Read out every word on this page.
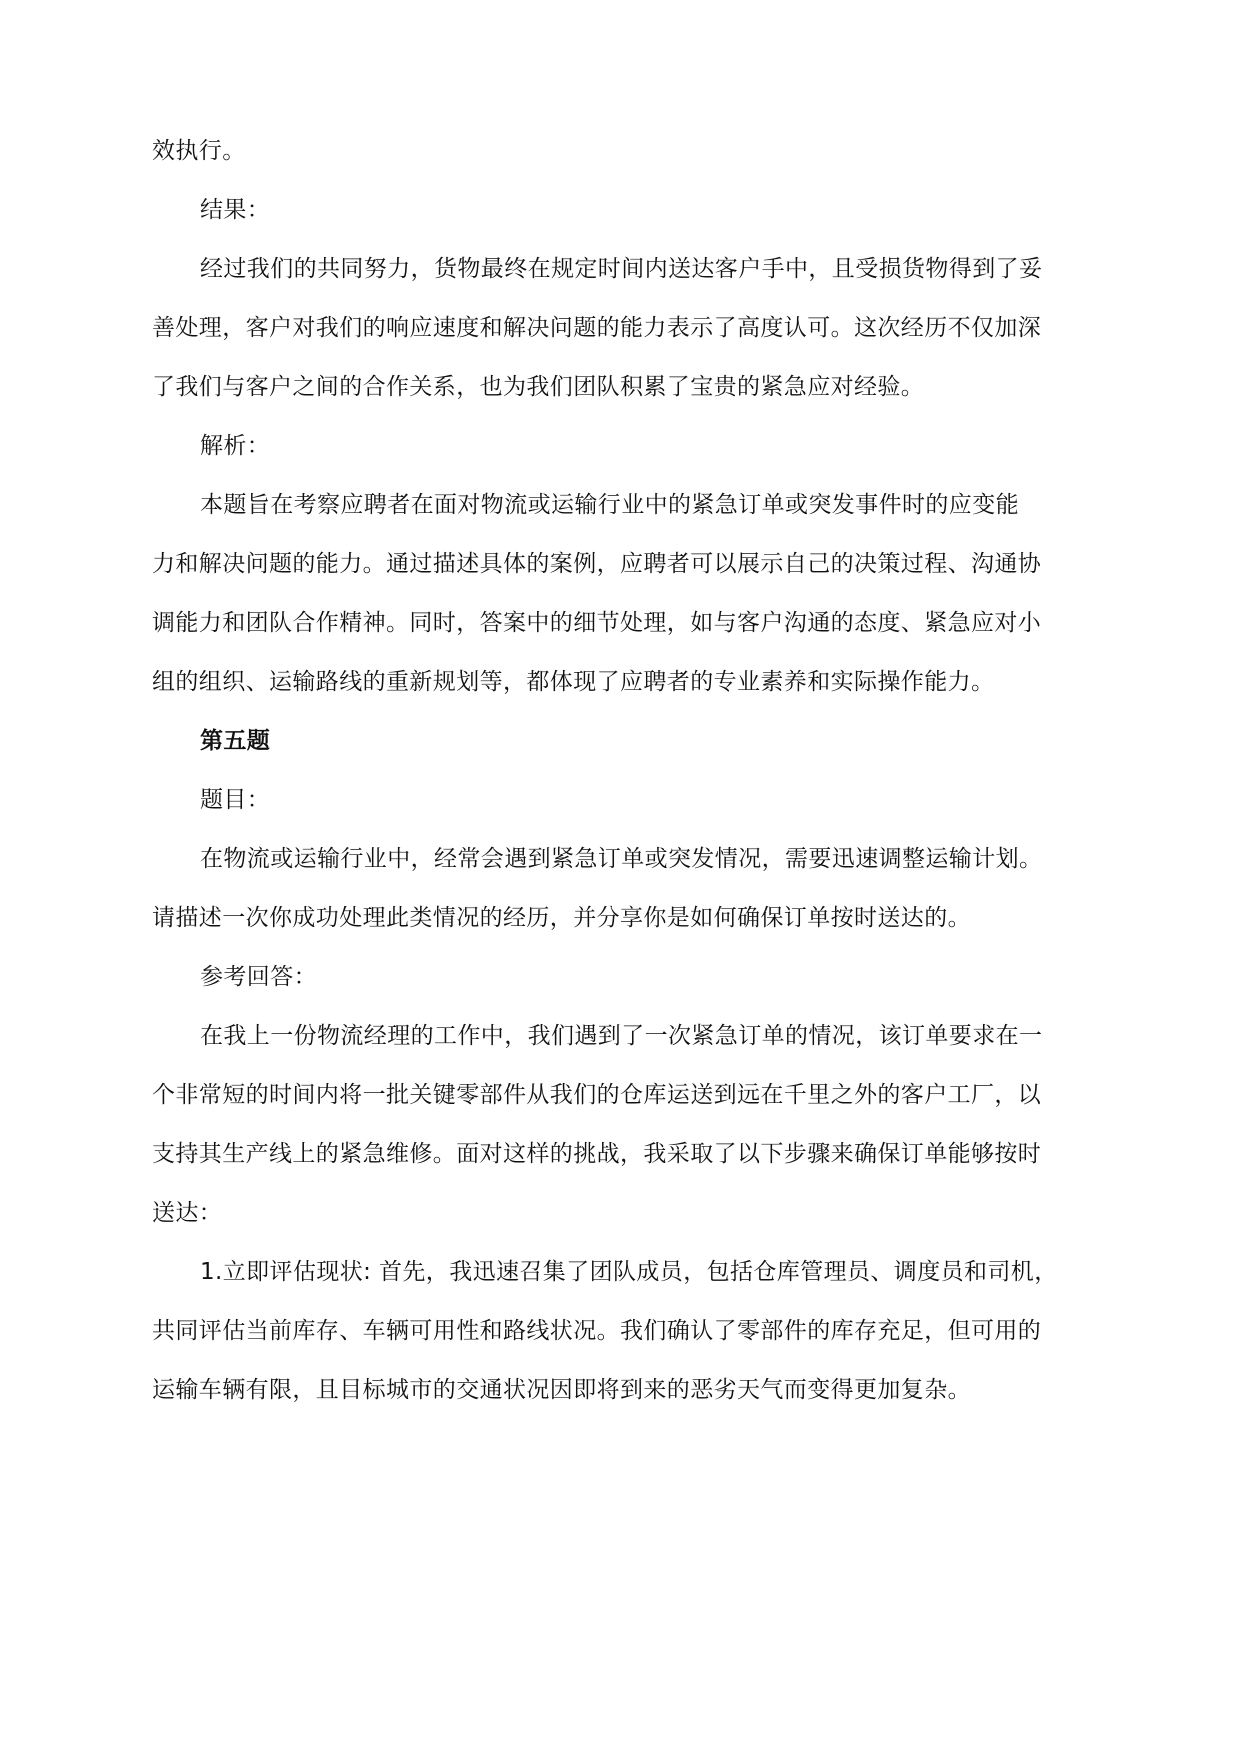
效执行。
结果：
经过我们的共同努力，货物最终在规定时间内送达客户手中，且受损货物得到了妥
善处理，客户对我们的响应速度和解决问题的能力表示了高度认可。这次经历不仅加深
了我们与客户之间的合作关系，也为我们团队积累了宝贵的紧急应对经验。
解析：
本题旨在考察应聘者在面对物流或运输行业中的紧急订单或突发事件时的应变能
力和解决问题的能力。通过描述具体的案例，应聘者可以展示自己的决策过程、沟通协
调能力和团队合作精神。同时，答案中的细节处理，如与客户沟通的态度、紧急应对小
组的组织、运输路线的重新规划等，都体现了应聘者的专业素养和实际操作能力。
第五题
题目：
在物流或运输行业中，经常会遇到紧急订单或突发情况，需要迅速调整运输计划。
请描述一次你成功处理此类情况的经历，并分享你是如何确保订单按时送达的。
参考回答：
在我上一份物流经理的工作中，我们遇到了一次紧急订单的情况，该订单要求在一
个非常短的时间内将一批关键零部件从我们的仓库运送到远在千里之外的客户工厂，以
支持其生产线上的紧急维修。面对这样的挑战，我采取了以下步骤来确保订单能够按时
送达：
1.立即评估现状: 首先，我迅速召集了团队成员，包括仓库管理员、调度员和司机，
共同评估当前库存、车辆可用性和路线状况。我们确认了零部件的库存充足，但可用的
运输车辆有限，且目标城市的交通状况因即将到来的恶劣天气而变得更加复杂。
